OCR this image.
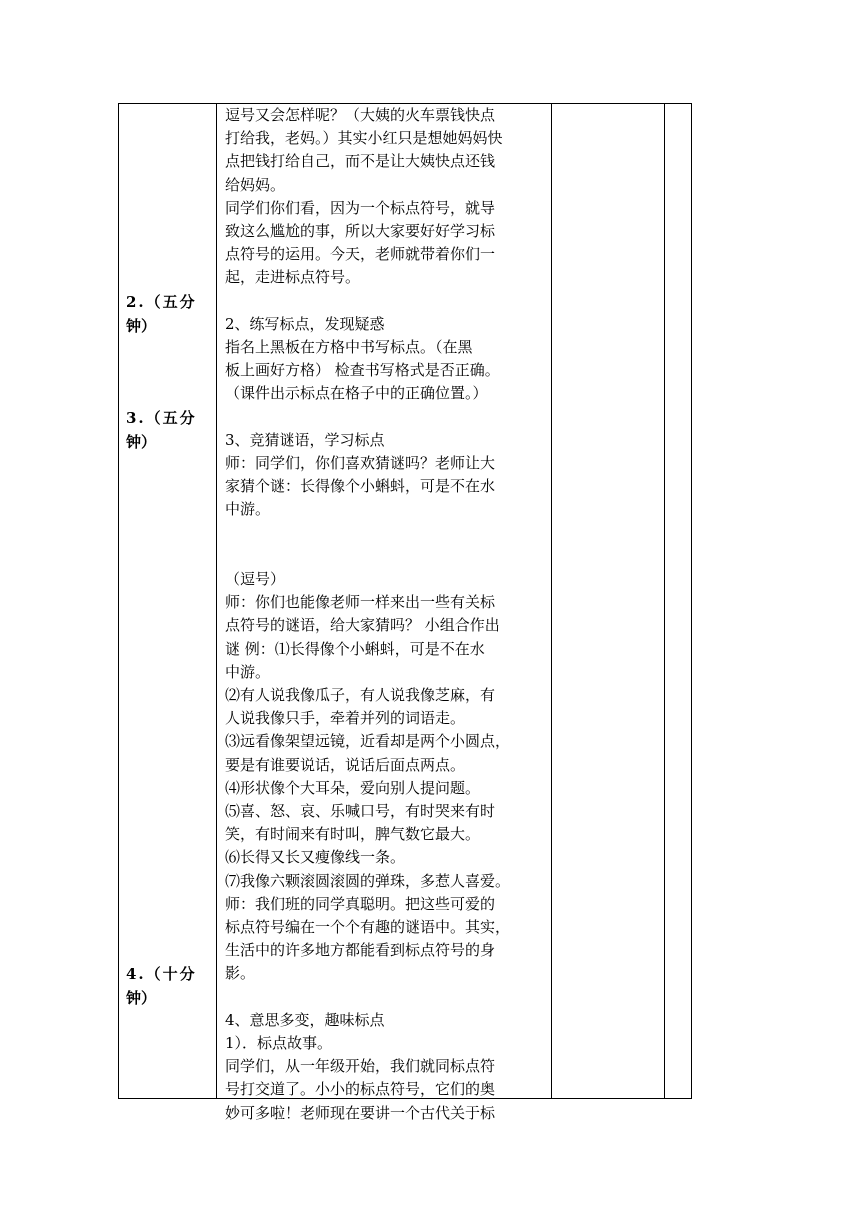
2.（五分
钟）
3.（五分
钟）
4.（十分
钟）
逗号又会怎样呢？（大姨的火车票钱快点
打给我，老妈。）其实小红只是想她妈妈快
点把钱打给自己，而不是让大姨快点还钱
给妈妈。
同学们你们看，因为一个标点符号，就导
致这么尴尬的事，所以大家要好好学习标
点符号的运用。今天，老师就带着你们一
起，走进标点符号。
2、练写标点，发现疑惑
指名上黑板在方格中书写标点。（在黑
板上画好方格） 检查书写格式是否正确。
（课件出示标点在格子中的正确位置。）
3、竞猜谜语，学习标点
师：同学们，你们喜欢猜谜吗？老师让大
家猜个谜：长得像个小蝌蚪，可是不在水
中游。
（逗号）
师：你们也能像老师一样来出一些有关标
点符号的谜语，给大家猜吗？ 小组合作出
谜 例：⑴长得像个小蝌蚪，可是不在水
中游。
⑵有人说我像瓜子，有人说我像芝麻，有
人说我像只手，牵着并列的词语走。
⑶远看像架望远镜，近看却是两个小圆点，
要是有谁要说话，说话后面点两点。
⑷形状像个大耳朵，爱向别人提问题。
⑸喜、怒、哀、乐喊口号，有时哭来有时
笑，有时闹来有时叫，脾气数它最大。
⑹长得又长又瘦像线一条。
⑺我像六颗滚圆滚圆的弹珠，多惹人喜爱。
师：我们班的同学真聪明。把这些可爱的
标点符号编在一个个有趣的谜语中。其实，
生活中的许多地方都能看到标点符号的身
影。
4、意思多变，趣味标点
1）．标点故事。
同学们，从一年级开始，我们就同标点符
号打交道了。小小的标点符号，它们的奥
妙可多啦！老师现在要讲一个古代关于标
